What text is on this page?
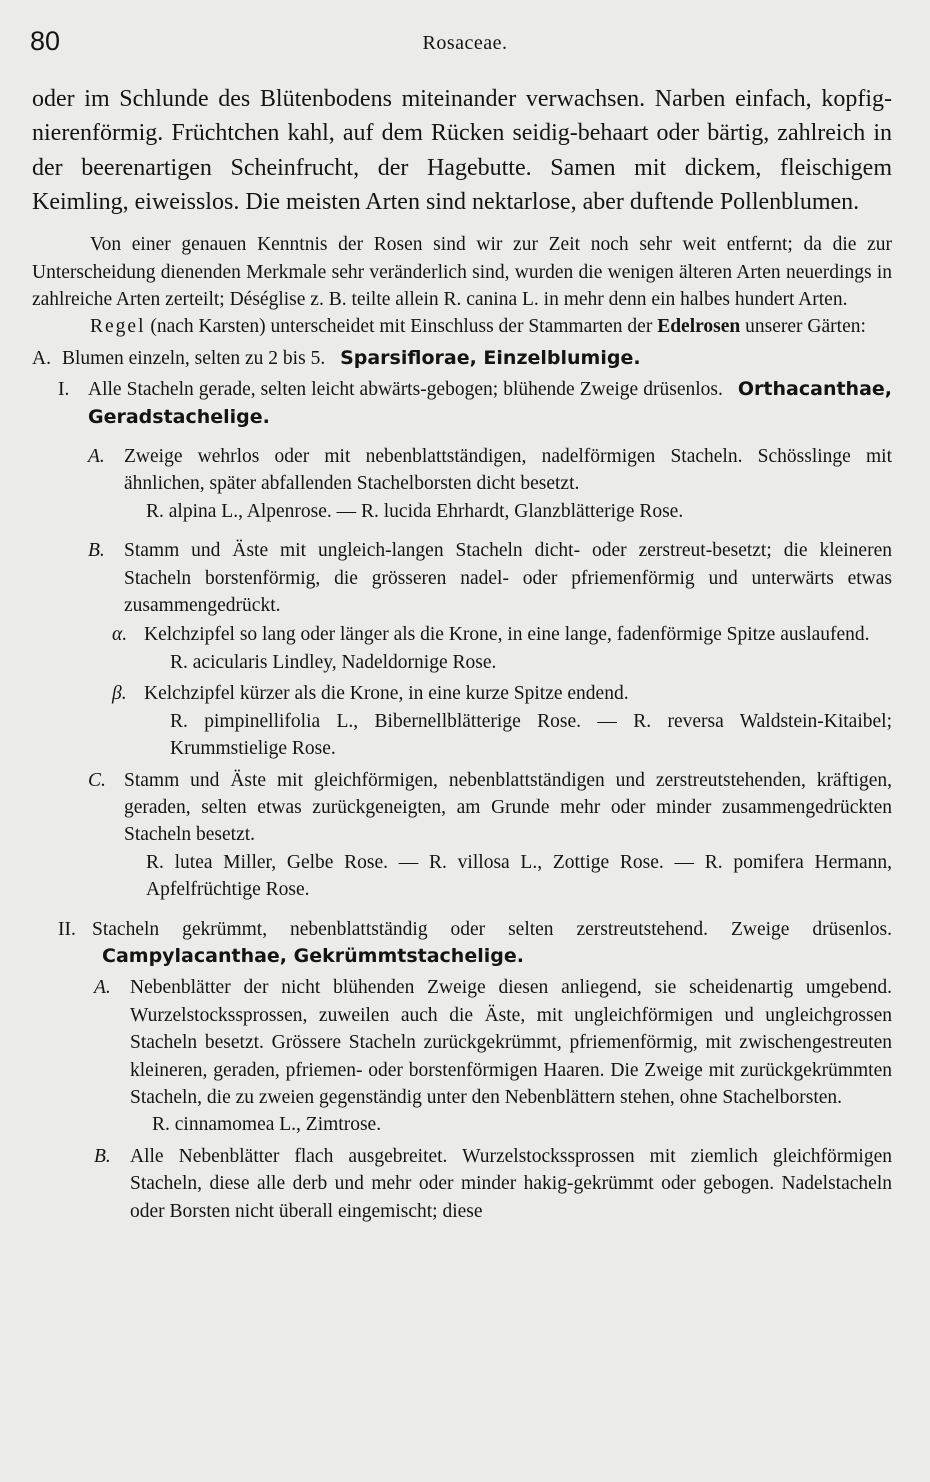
80	Rosaceae.

oder im Schlunde des Blütenbodens miteinander verwachsen. Narben einfach, kopfig-nierenförmig. Früchtchen kahl, auf dem Rücken seidig-behaart oder bärtig, zahlreich in der beerenartigen Scheinfrucht, der Hagebutte. Samen mit dickem, fleischigem Keimling, eiweisslos. Die meisten Arten sind nektarlose, aber duftende Pollenblumen.

Von einer genauen Kenntnis der Rosen sind wir zur Zeit noch sehr weit entfernt; da die zur Unterscheidung dienenden Merkmale sehr veränderlich sind, wurden die wenigen älteren Arten neuerdings in zahlreiche Arten zerteilt; Déséglise z. B. teilte allein R. canina L. in mehr denn ein halbes hundert Arten.

Regel (nach Karsten) unterscheidet mit Einschluss der Stammarten der Edelrosen unserer Gärten:

A. Blumen einzeln, selten zu 2 bis 5. Sparsiflorae, Einzelblumige.
I. Alle Stacheln gerade, selten leicht abwärts-gebogen; blühende Zweige drüsenlos. Orthacanthae, Geradstachelige.
A. Zweige wehrlos oder mit nebenblattständigen, nadelförmigen Stacheln. Schösslinge mit ähnlichen, später abfallenden Stachelborsten dicht besetzt.

R. alpina L., Alpenrose. — R. lucida Ehrhardt, Glanzblätterige Rose.

B. Stamm und Äste mit ungleich-langen Stacheln dicht- oder zerstreut-besetzt; die kleineren Stacheln borstenförmig, die grösseren nadel- oder pfriemenförmig und unterwärts etwas zusammengedrückt.
α. Kelchzipfel so lang oder länger als die Krone, in eine lange, fadenförmige Spitze auslaufend.

R. acicularis Lindley, Nadeldornige Rose.

β. Kelchzipfel kürzer als die Krone, in eine kurze Spitze endend.

R. pimpinellifolia L., Bibernellblätterige Rose. — R. reversa Waldstein-Kitaibel; Krummstielige Rose.

C. Stamm und Äste mit gleichförmigen, nebenblattständigen und zerstreutstehenden, kräftigen, geraden, selten etwas zurückgeneigten, am Grunde mehr oder minder zusammengedrückten Stacheln besetzt.

R. lutea Miller, Gelbe Rose. — R. villosa L., Zottige Rose. — R. pomifera Hermann, Apfelfrüchtige Rose.

II. Stacheln gekrümmt, nebenblattständig oder selten zerstreutstehend. Zweige drüsenlos. Campylacanthae, Gekrümmtstachelige.
A. Nebenblätter der nicht blühenden Zweige diesen anliegend, sie scheidenartig umgebend. Wurzelstockssprossen, zuweilen auch die Äste, mit ungleichförmigen und ungleichgrossen Stacheln besetzt. Grössere Stacheln zurückgekrümmt, pfriemenförmig, mit zwischengestreuten kleineren, geraden, pfriemen- oder borstenförmigen Haaren. Die Zweige mit zurückgekrümmten Stacheln, die zu zweien gegenständig unter den Nebenblättern stehen, ohne Stachelborsten.

R. cinnamomea L., Zimtrose.

B. Alle Nebenblätter flach ausgebreitet. Wurzelstockssprossen mit ziemlich gleichförmigen Stacheln, diese alle derb und mehr oder minder hakig-gekrümmt oder gebogen. Nadelstacheln oder Borsten nicht überall eingemischt; diese
